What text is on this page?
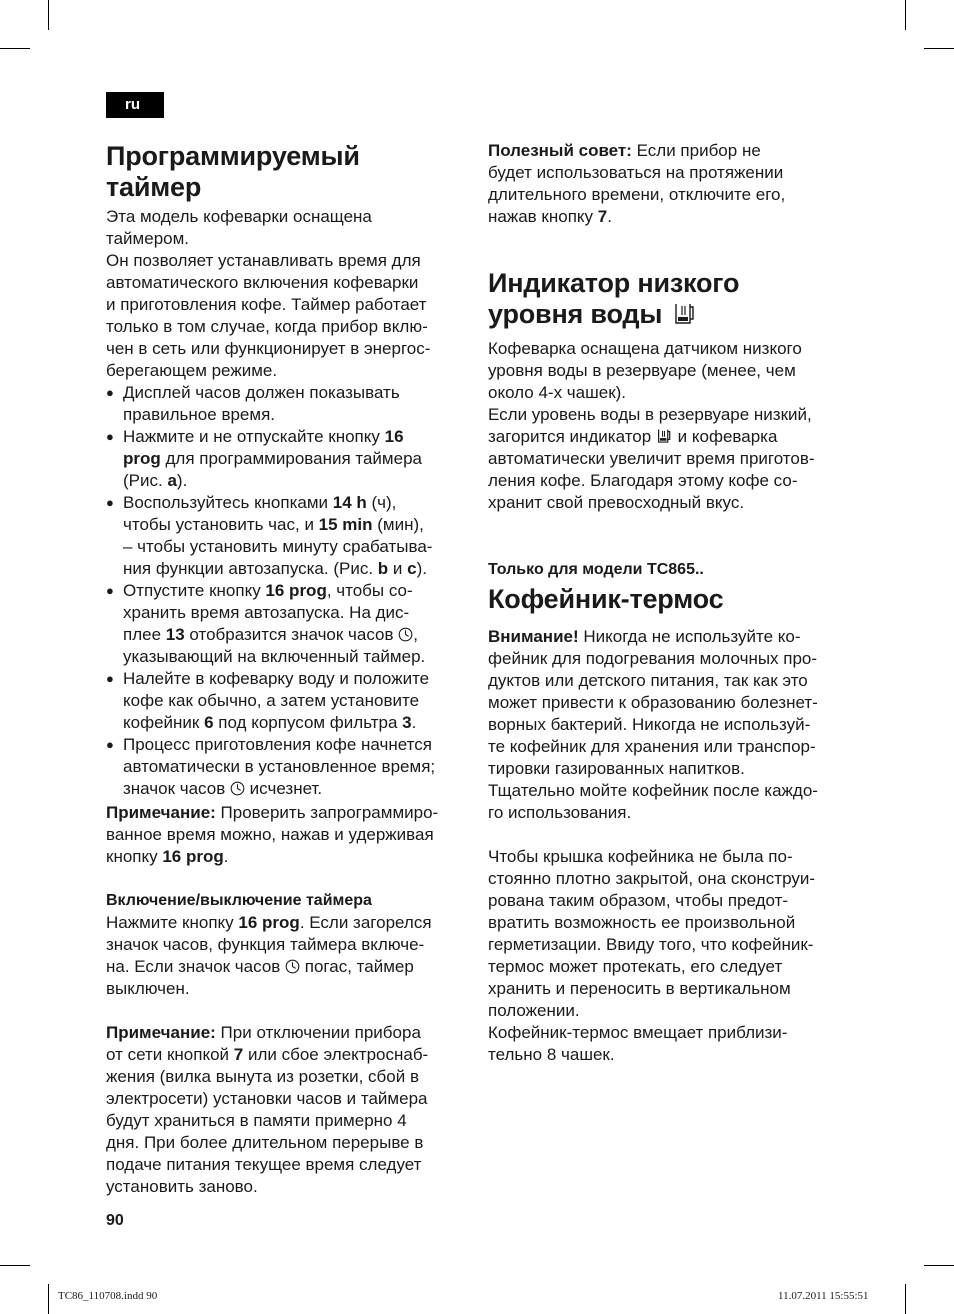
ru

Программируемый
таймер

Эта модель кофеварки оснащена
таймером.
Он позволяет устанавливать время для
автоматического включения кофеварки
и приготовления кофе. Таймер работает
только в том случае, когда прибор вклю-
чен в сеть или функционирует в энергос-
берегающем режиме.

● Дисплей часов должен показывать
правильное время.
● Нажмите и не отпускайте кнопку 16
prog для программирования таймера
(Рис. a).
● Воспользуйтесь кнопками 14 h (ч),
чтобы установить час, и 15 min (мин),
– чтобы установить минуту срабатыва-
ния функции автозапуска. (Рис. b и c).
● Отпустите кнопку 16 prog, чтобы со-
хранить время автозапуска. На дис-
плее 13 отобразится значок часов ,
указывающий на включенный таймер.
● Налейте в кофеварку воду и положите
кофе как обычно, а затем установите
кофейник 6 под корпусом фильтра 3.
● Процесс приготовления кофе начнется
автоматически в установленное время;
значок часов  исчезнет.

Примечание: Проверить запрограммиро-
ванное время можно, нажав и удерживая
кнопку 16 prog.

Включение/выключение таймера

Нажмите кнопку 16 prog. Если загорелся
значок часов, функция таймера включе-
на. Если значок часов  погас, таймер
выключен.

Примечание: При отключении прибора
от сети кнопкой 7 или сбое электроснаб-
жения (вилка вынута из розетки, сбой в
электросети) установки часов и таймера
будут храниться в памяти примерно 4
дня. При более длительном перерыве в
подаче питания текущее время следует
установить заново.

Полезный совет: Если прибор не
будет использоваться на протяжении
длительного времени, отключите его,
нажав кнопку 7.

Индикатор низкого
уровня воды

Кофеварка оснащена датчиком низкого
уровня воды в резервуаре (менее, чем
около 4-х чашек).
Если уровень воды в резервуаре низкий,
загорится индикатор  и кофеварка
автоматически увеличит время приготов-
ления кофе. Благодаря этому кофе со-
хранит свой превосходный вкус.

Только для модели TC865..

Кофейник-термос

Внимание! Никогда не используйте ко-
фейник для подогревания молочных про-
дуктов или детского питания, так как это
может привести к образованию болезнет-
ворных бактерий. Никогда не используй-
те кофейник для хранения или транспор-
тировки газированных напитков.
Тщательно мойте кофейник после каждо-
го использования.

Чтобы крышка кофейника не была по-
стоянно плотно закрытой, она сконструи-
рована таким образом, чтобы предот-
вратить возможность ее произвольной
герметизации. Ввиду того, что кофейник-
термос может протекать, его следует
хранить и переносить в вертикальном
положении.
Кофейник-термос вмещает приблизи-
тельно 8 чашек.

90
TC86_110708.indd 90	11.07.2011 15:55:51
